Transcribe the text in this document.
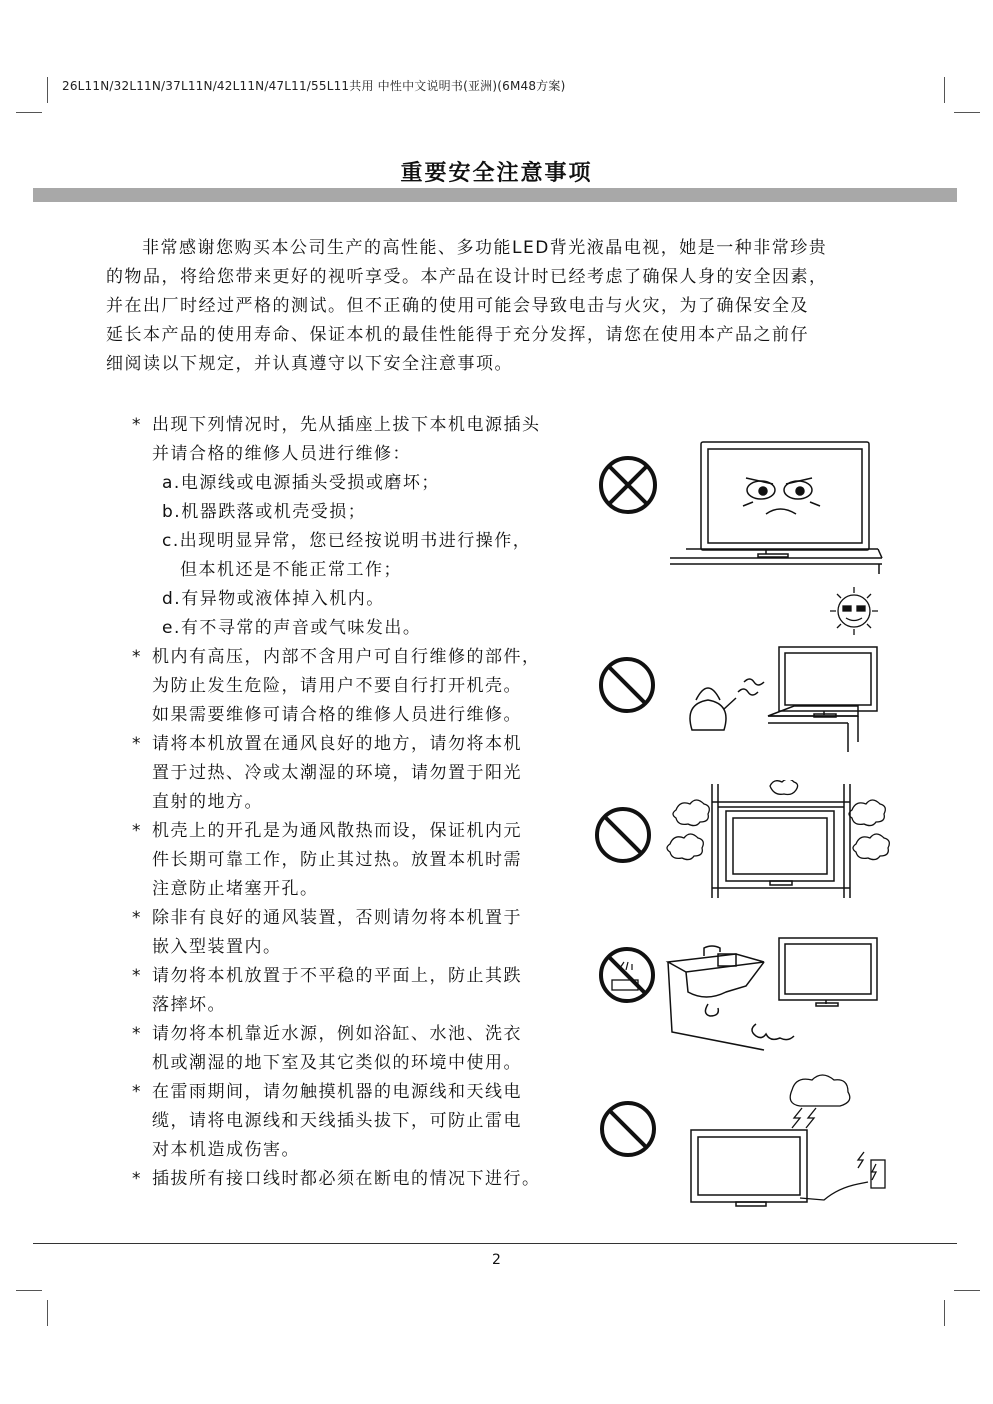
26L11N/32L11N/37L11N/42L11N/47L11/55L11共用 中性中文说明书(亚洲)(6M48方案)
重要安全注意事项
非常感谢您购买本公司生产的高性能、多功能LED背光液晶电视，她是一种非常珍贵
的物品，将给您带来更好的视听享受。本产品在设计时已经考虑了确保人身的安全因素，
并在出厂时经过严格的测试。但不正确的使用可能会导致电击与火灾，为了确保安全及
延长本产品的使用寿命、保证本机的最佳性能得于充分发挥，请您在使用本产品之前仔
细阅读以下规定，并认真遵守以下安全注意事项。
* 出现下列情况时，先从插座上拔下本机电源插头
并请合格的维修人员进行维修：
a.电源线或电源插头受损或磨坏；
b.机器跌落或机壳受损；
c.出现明显异常，您已经按说明书进行操作，
但本机还是不能正常工作；
d.有异物或液体掉入机内。
e.有不寻常的声音或气味发出。
* 机内有高压，内部不含用户可自行维修的部件，
为防止发生危险，请用户不要自行打开机壳。
如果需要维修可请合格的维修人员进行维修。
* 请将本机放置在通风良好的地方，请勿将本机
置于过热、冷或太潮湿的环境，请勿置于阳光
直射的地方。
* 机壳上的开孔是为通风散热而设，保证机内元
件长期可靠工作，防止其过热。放置本机时需
注意防止堵塞开孔。
* 除非有良好的通风装置，否则请勿将本机置于
嵌入型装置内。
* 请勿将本机放置于不平稳的平面上，防止其跌
落摔坏。
* 请勿将本机靠近水源，例如浴缸、水池、洗衣
机或潮湿的地下室及其它类似的环境中使用。
* 在雷雨期间，请勿触摸机器的电源线和天线电
缆，请将电源线和天线插头拔下，可防止雷电
对本机造成伤害。
* 插拔所有接口线时都必须在断电的情况下进行。
2
